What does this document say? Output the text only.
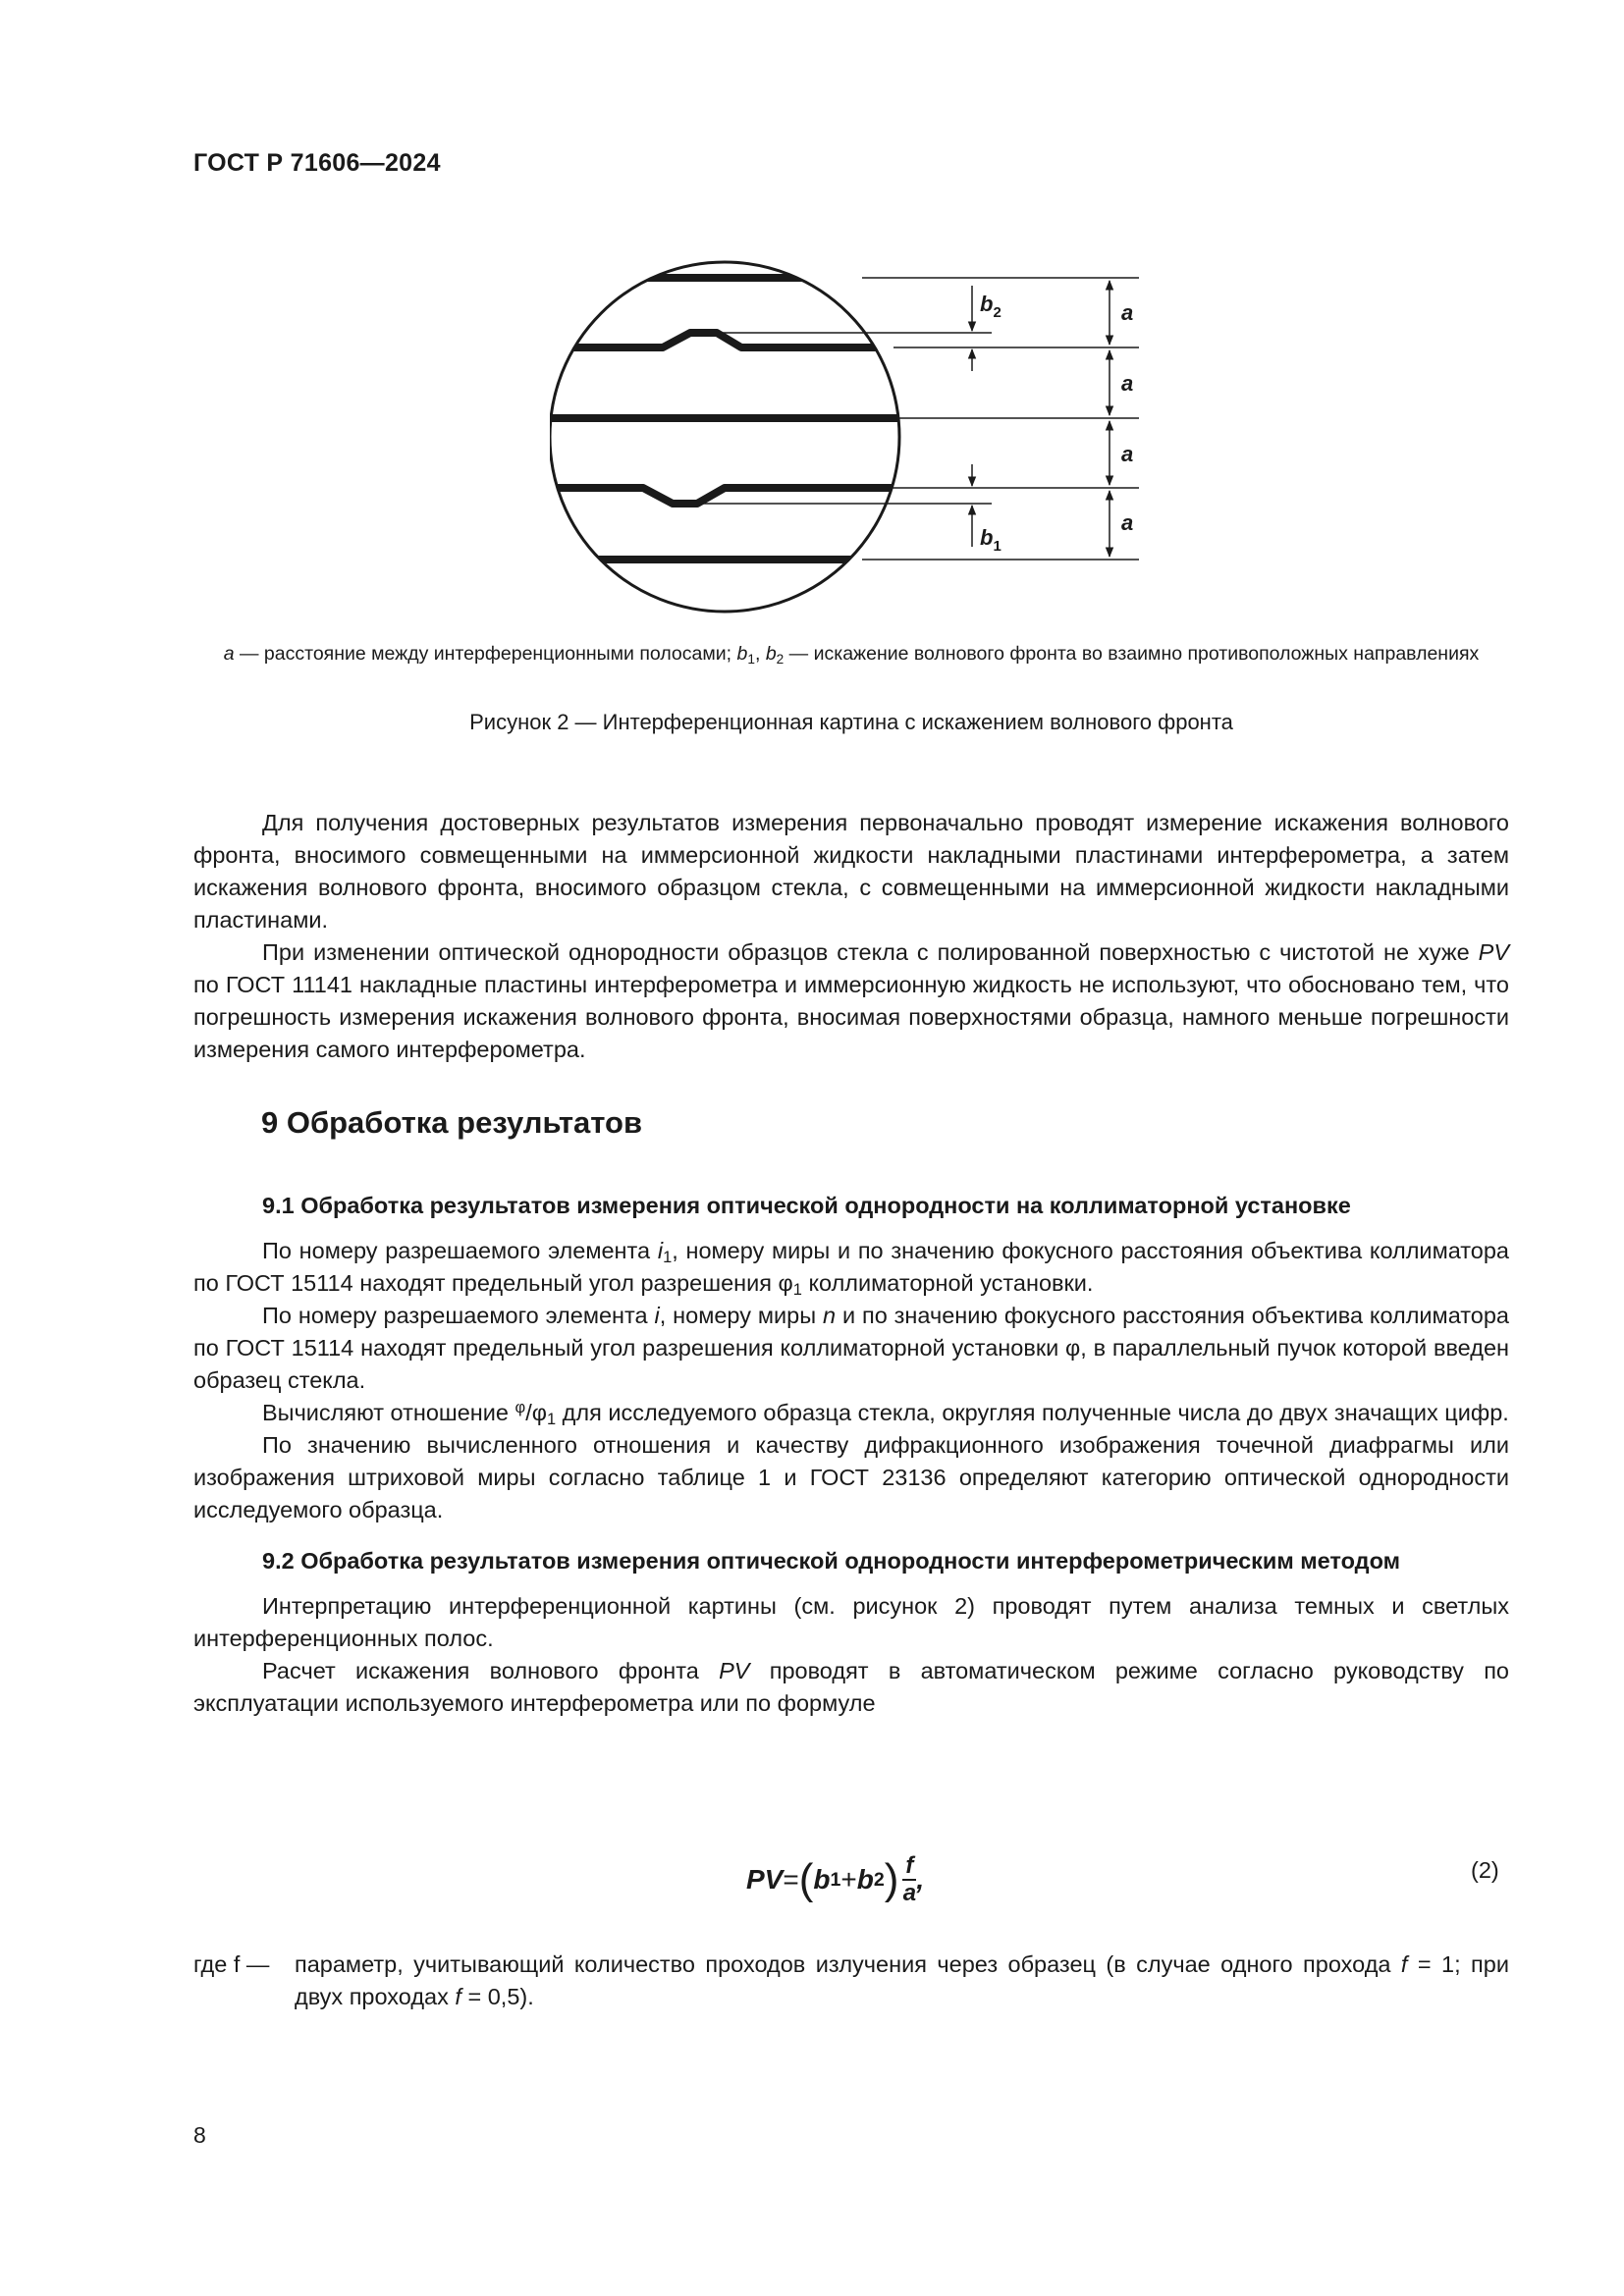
ГОСТ Р 71606—2024
$b_2$
$b_1$
a
a
a
a
a — расстояние между интерференционными полосами; $b_1$, $b_2$ — искажение волнового фронта во взаимно противоположных направлениях
Рисунок 2 — Интерференционная картина с искажением волнового фронта

Для получения достоверных результатов измерения первоначально проводят измерение искажения волнового фронта, вносимого совмещенными на иммерсионной жидкости накладными пластинами интерферометра, а затем искажения волнового фронта, вносимого образцом стекла, с совмещенными на иммерсионной жидкости накладными пластинами.

При изменении оптической однородности образцов стекла с полированной поверхностью с чистотой не хуже PV по ГОСТ 11141 накладные пластины интерферометра и иммерсионную жидкость не используют, что обосновано тем, что погрешность измерения искажения волнового фронта, вносимая поверхностями образца, намного меньше погрешности измерения самого интерферометра.

9 Обработка результатов

9.1 Обработка результатов измерения оптической однородности на коллиматорной установке

По номеру разрешаемого элемента $i_1$, номеру миры и по значению фокусного расстояния объектива коллиматора по ГОСТ 15114 находят предельный угол разрешения $\varphi_1$ коллиматорной установки.

По номеру разрешаемого элемента i, номеру миры n и по значению фокусного расстояния объектива коллиматора по ГОСТ 15114 находят предельный угол разрешения коллиматорной установки φ, в параллельный пучок которой введен образец стекла.

Вычисляют отношение $^\varphi/\varphi_1$ для исследуемого образца стекла, округляя полученные числа до двух значащих цифр.

По значению вычисленного отношения и качеству дифракционного изображения точечной диафрагмы или изображения штриховой миры согласно таблице 1 и ГОСТ 23136 определяют категорию оптической однородности исследуемого образца.

9.2 Обработка результатов измерения оптической однородности интерферометрическим методом

Интерпретацию интерференционной картины (см. рисунок 2) проводят путем анализа темных и светлых интерференционных полос.

Расчет искажения волнового фронта PV проводят в автоматическом режиме согласно руководству по эксплуатации используемого интерферометра или по формуле

PV = ( b 1 + b 2 ) $\frac{f}{a}$ ,	(2)
где f —	параметр, учитывающий количество проходов излучения через образец (в случае одного прохода f = 1; при двух проходах f = 0,5).
8
